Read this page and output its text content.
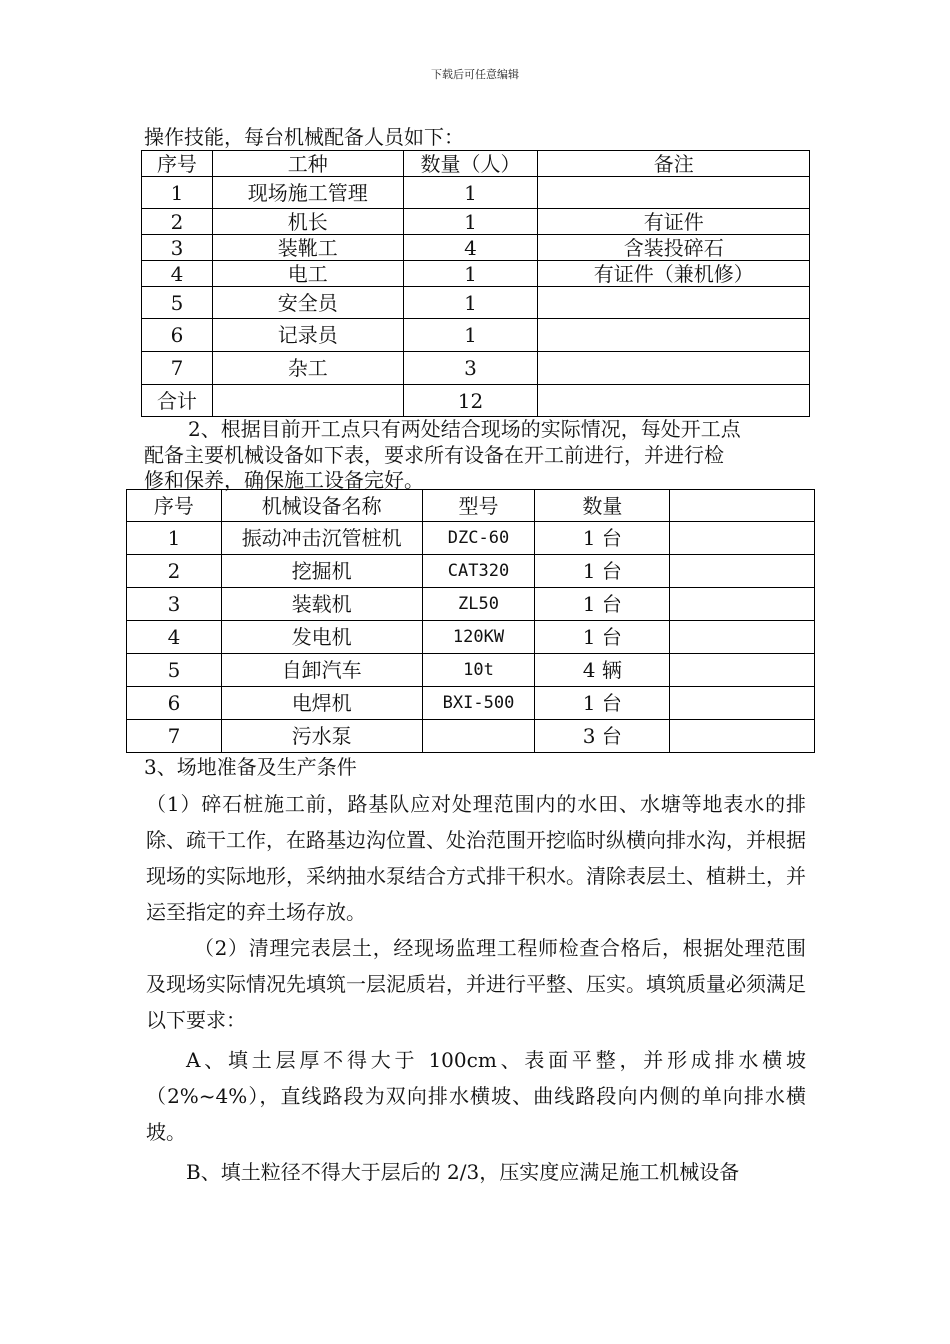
下载后可任意编辑
操作技能，每台机械配备人员如下：
序号	工种	数量（人）	备注
1	现场施工管理	1	
2	机长	1	有证件
3	装靴工	4	含装投碎石
4	电工	1	有证件（兼机修）
5	安全员	1	
6	记录员	1	
7	杂工	3	
合计		12	
2、根据目前开工点只有两处结合现场的实际情况，每处开工点
配备主要机械设备如下表，要求所有设备在开工前进行，并进行检
修和保养，确保施工设备完好。
序号	机械设备名称	型号	数量	
1	振动冲击沉管桩机	DZC-60	1 台	
2	挖掘机	CAT320	1 台	
3	装载机	ZL50	1 台	
4	发电机	120KW	1 台	
5	自卸汽车	10t	4 辆	
6	电焊机	BXI-500	1 台	
7	污水泵		3 台	
3、场地准备及生产条件

（1）碎石桩施工前，路基队应对处理范围内的水田、水塘等地表水的排除、疏干工作，在路基边沟位置、处治范围开挖临时纵横向排水沟，并根据现场的实际地形，采纳抽水泵结合方式排干积水。清除表层土、植耕土，并运至指定的弃土场存放。

（2）清理完表层土，经现场监理工程师检查合格后，根据处理范围及现场实际情况先填筑一层泥质岩，并进行平整、压实。填筑质量必须满足以下要求：

A、填土层厚不得大于 100cm、表面平整，并形成排水横坡（2%~4%），直线路段为双向排水横坡、曲线路段向内侧的单向排水横坡。

B、填土粒径不得大于层后的 2/3，压实度应满足施工机械设备
